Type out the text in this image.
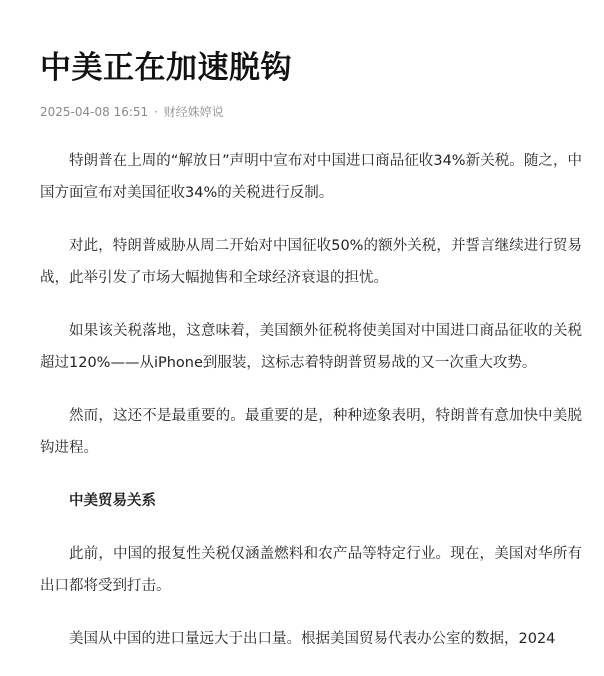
中美正在加速脱钩
2025-04-08 16:51 · 财经姝婷说

特朗普在上周的“解放日”声明中宣布对中国进口商品征收34%新关税。随之，中国方面宣布对美国征收34%的关税进行反制。

对此，特朗普威胁从周二开始对中国征收50%的额外关税，并誓言继续进行贸易战，此举引发了市场大幅抛售和全球经济衰退的担忧。

如果该关税落地，这意味着，美国额外征税将使美国对中国进口商品征收的关税超过120%——从iPhone到服装，这标志着特朗普贸易战的又一次重大攻势。

然而，这还不是最重要的。最重要的是，种种迹象表明，特朗普有意加快中美脱钩进程。

中美贸易关系

此前，中国的报复性关税仅涵盖燃料和农产品等特定行业。现在，美国对华所有出口都将受到打击。

美国从中国的进口量远大于出口量。根据美国贸易代表办公室的数据，2024
